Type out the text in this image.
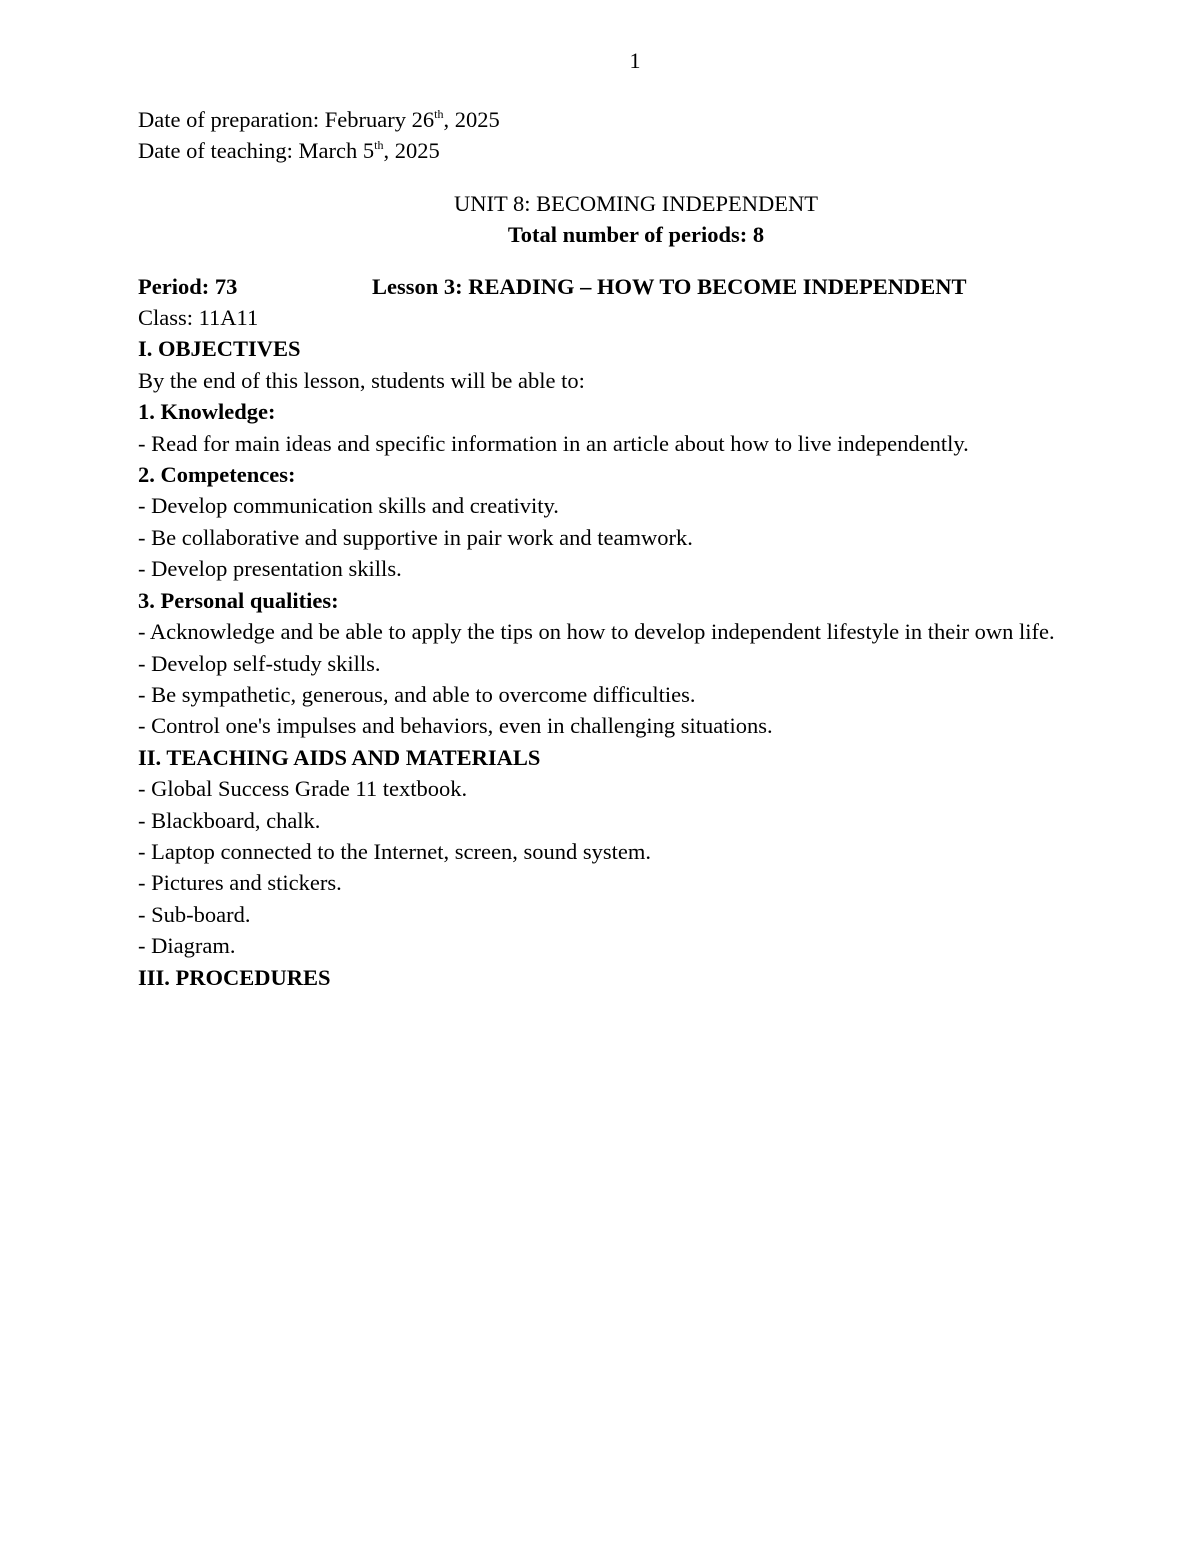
1
Date of preparation: February 26th, 2025
Date of teaching: March 5th, 2025
UNIT 8: BECOMING INDEPENDENT
Total number of periods: 8
Period: 73	Lesson 3: READING – HOW TO BECOME INDEPENDENT
Class: 11A11
I. OBJECTIVES
By the end of this lesson, students will be able to:
1. Knowledge:
- Read for main ideas and specific information in an article about how to live independently.
2. Competences:
- Develop communication skills and creativity.
- Be collaborative and supportive in pair work and teamwork.
- Develop presentation skills.
3. Personal qualities:
- Acknowledge and be able to apply the tips on how to develop independent lifestyle in their own life.
- Develop self-study skills.
- Be sympathetic, generous, and able to overcome difficulties.
- Control one's impulses and behaviors, even in challenging situations.
II. TEACHING AIDS AND MATERIALS
- Global Success Grade 11 textbook.
- Blackboard, chalk.
- Laptop connected to the Internet, screen, sound system.
- Pictures and stickers.
- Sub-board.
- Diagram.
III. PROCEDURES
